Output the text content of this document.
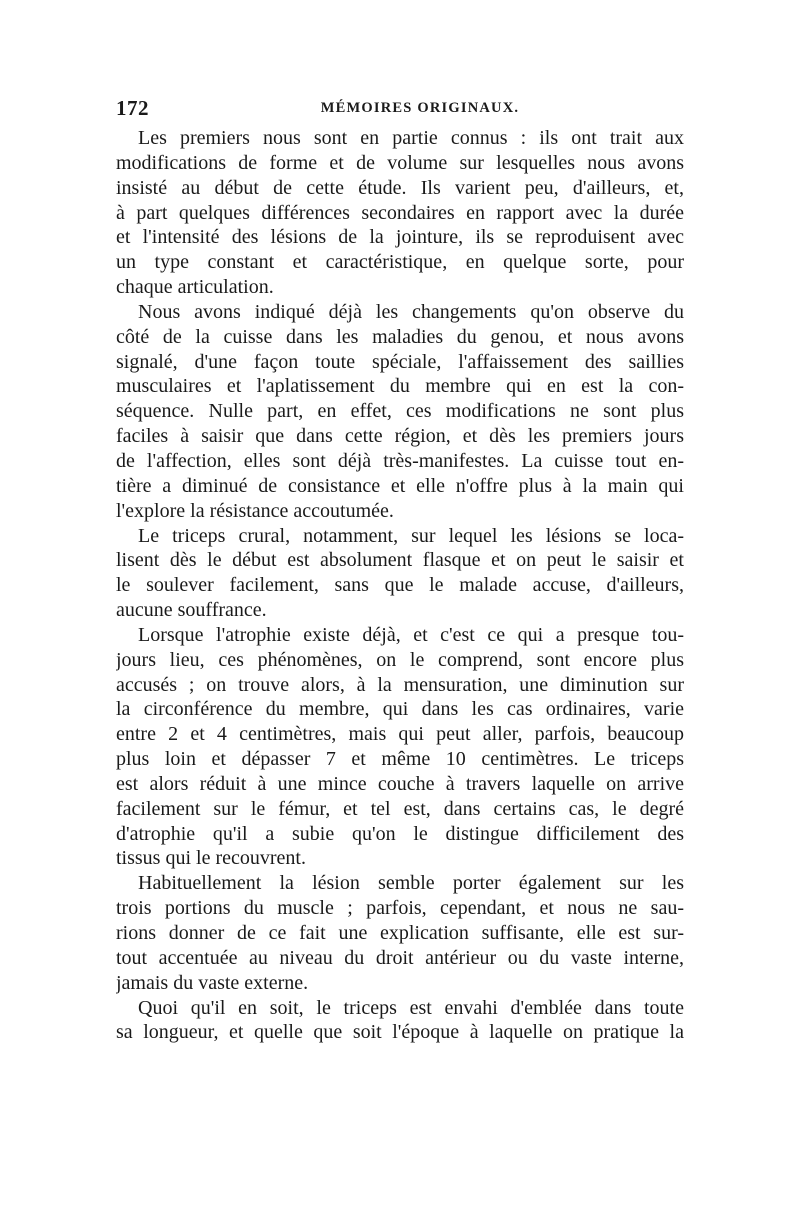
172	MÉMOIRES ORIGINAUX.
Les premiers nous sont en partie connus : ils ont trait aux
modifications de forme et de volume sur lesquelles nous avons
insisté au début de cette étude. Ils varient peu, d'ailleurs, et,
à part quelques différences secondaires en rapport avec la durée
et l'intensité des lésions de la jointure, ils se reproduisent avec
un type constant et caractéristique, en quelque sorte, pour
chaque articulation.
Nous avons indiqué déjà les changements qu'on observe du
côté de la cuisse dans les maladies du genou, et nous avons
signalé, d'une façon toute spéciale, l'affaissement des saillies
musculaires et l'aplatissement du membre qui en est la con-
séquence. Nulle part, en effet, ces modifications ne sont plus
faciles à saisir que dans cette région, et dès les premiers jours
de l'affection, elles sont déjà très-manifestes. La cuisse tout en-
tière a diminué de consistance et elle n'offre plus à la main qui
l'explore la résistance accoutumée.
Le triceps crural, notamment, sur lequel les lésions se loca-
lisent dès le début est absolument flasque et on peut le saisir et
le soulever facilement, sans que le malade accuse, d'ailleurs,
aucune souffrance.
Lorsque l'atrophie existe déjà, et c'est ce qui a presque tou-
jours lieu, ces phénomènes, on le comprend, sont encore plus
accusés ; on trouve alors, à la mensuration, une diminution sur
la circonférence du membre, qui dans les cas ordinaires, varie
entre 2 et 4 centimètres, mais qui peut aller, parfois, beaucoup
plus loin et dépasser 7 et même 10 centimètres. Le triceps
est alors réduit à une mince couche à travers laquelle on arrive
facilement sur le fémur, et tel est, dans certains cas, le degré
d'atrophie qu'il a subie qu'on le distingue difficilement des
tissus qui le recouvrent.
Habituellement la lésion semble porter également sur les
trois portions du muscle ; parfois, cependant, et nous ne sau-
rions donner de ce fait une explication suffisante, elle est sur-
tout accentuée au niveau du droit antérieur ou du vaste interne,
jamais du vaste externe.
Quoi qu'il en soit, le triceps est envahi d'emblée dans toute
sa longueur, et quelle que soit l'époque à laquelle on pratique la
